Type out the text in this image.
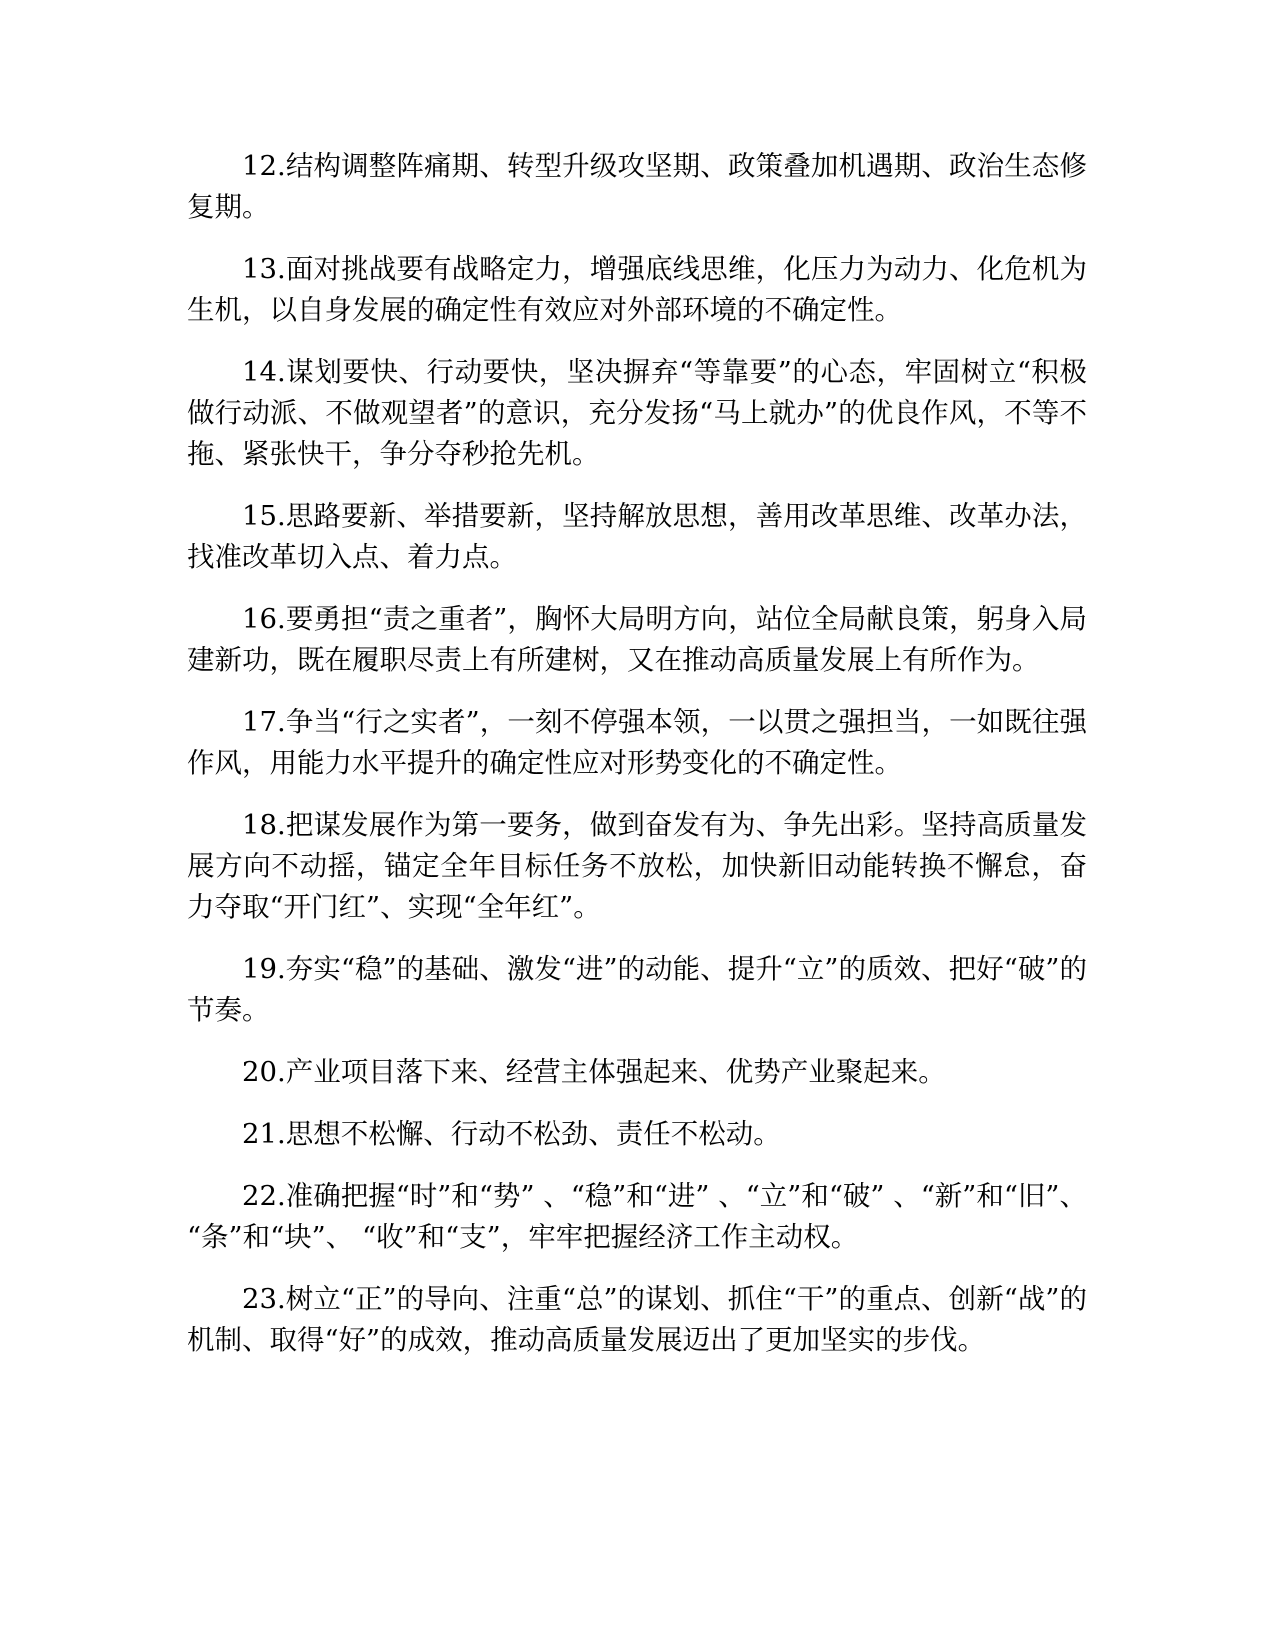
12.结构调整阵痛期、转型升级攻坚期、政策叠加机遇期、政治生态修复期。

13.面对挑战要有战略定力，增强底线思维，化压力为动力、化危机为生机，以自身发展的确定性有效应对外部环境的不确定性。

14.谋划要快、行动要快，坚决摒弃“等靠要”的心态，牢固树立“积极做行动派、不做观望者”的意识，充分发扬“马上就办”的优良作风，不等不拖、紧张快干，争分夺秒抢先机。

15.思路要新、举措要新，坚持解放思想，善用改革思维、改革办法，找准改革切入点、着力点。

16.要勇担“责之重者”，胸怀大局明方向，站位全局献良策，躬身入局建新功，既在履职尽责上有所建树，又在推动高质量发展上有所作为。

17.争当“行之实者”，一刻不停强本领，一以贯之强担当，一如既往强作风，用能力水平提升的确定性应对形势变化的不确定性。

18.把谋发展作为第一要务，做到奋发有为、争先出彩。坚持高质量发展方向不动摇，锚定全年目标任务不放松，加快新旧动能转换不懈怠，奋力夺取“开门红”、实现“全年红”。

19.夯实“稳”的基础、激发“进”的动能、提升“立”的质效、把好“破”的节奏。

20.产业项目落下来、经营主体强起来、优势产业聚起来。

21.思想不松懈、行动不松劲、责任不松动。

22.准确把握“时”和“势” 、“稳”和“进” 、“立”和“破” 、“新”和“旧”、 “条”和“块”、 “收”和“支”，牢牢把握经济工作主动权。

23.树立“正”的导向、注重“总”的谋划、抓住“干”的重点、创新“战”的机制、取得“好”的成效，推动高质量发展迈出了更加坚实的步伐。
